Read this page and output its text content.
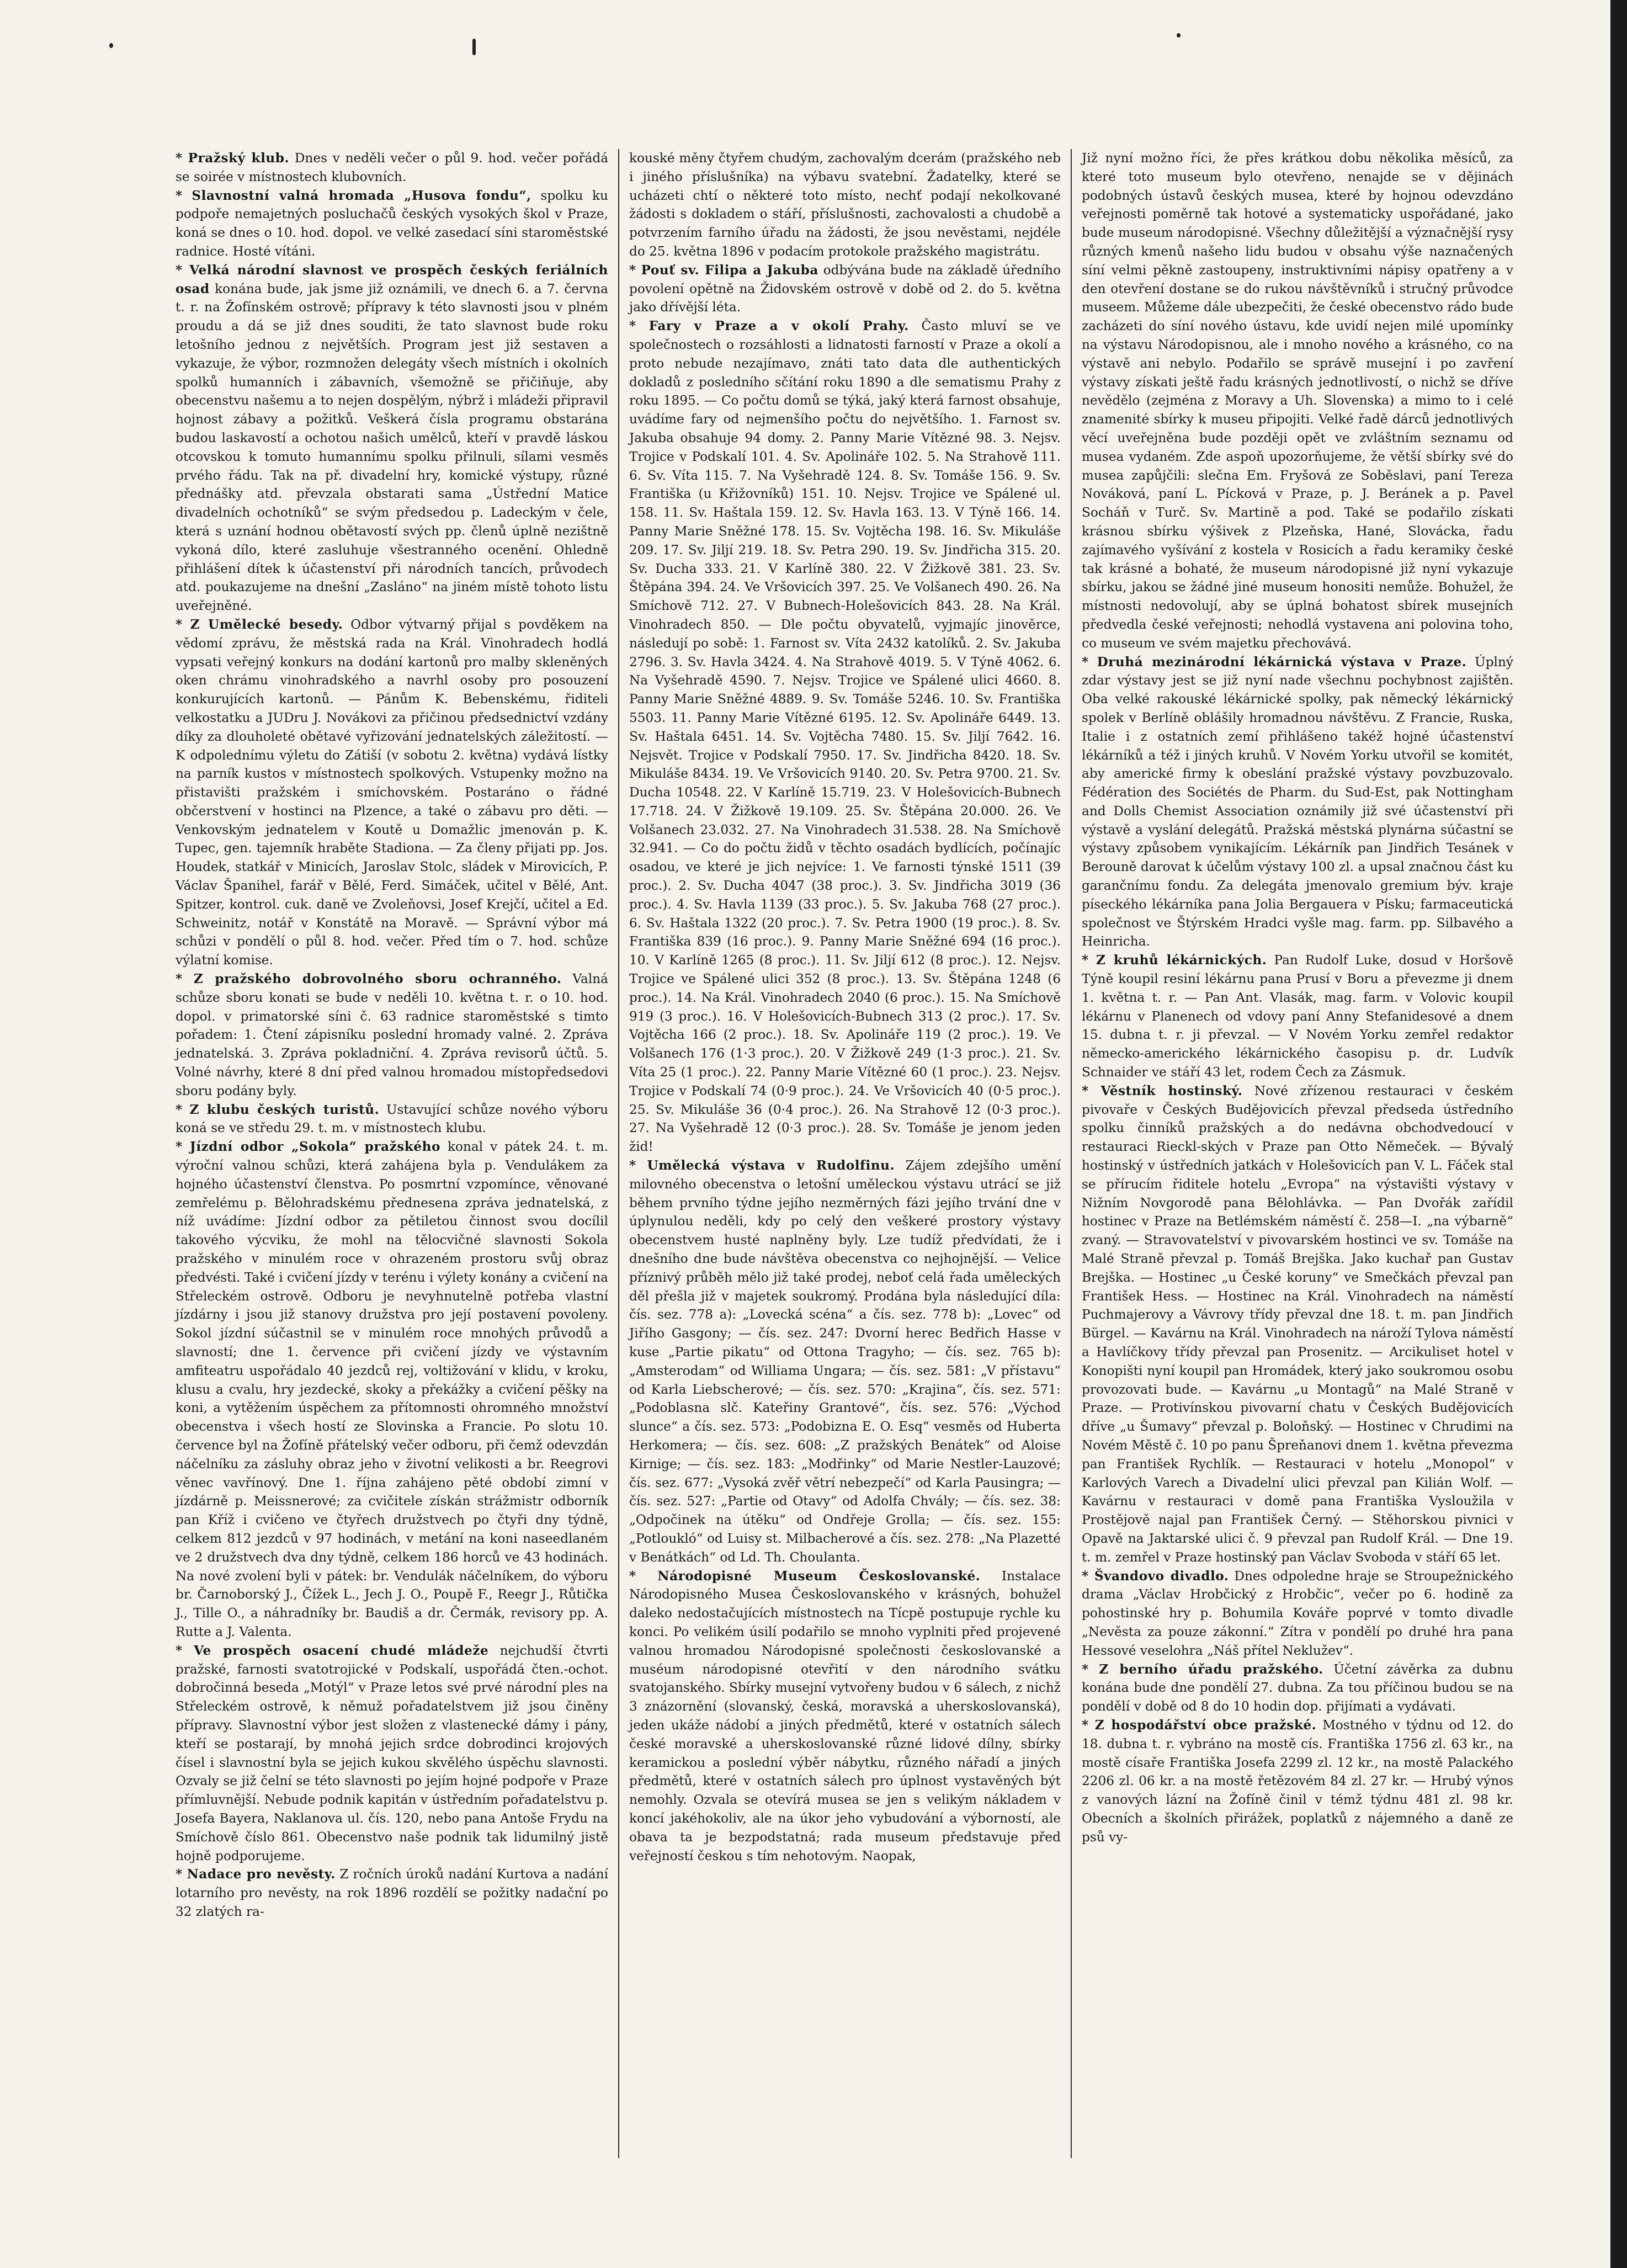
* Pražský klub. Dnes v neděli večer o půl 9. hod. večer pořádá se soirée v místnostech klubovních.

* Slavnostní valná hromada „Husova fondu“, spolku ku podpoře nemajetných posluchačů českých vysokých škol v Praze, koná se dnes o 10. hod. dopol. ve velké zasedací síni staroměstské radnice. Hosté vítáni.

* Velká národní slavnost ve prospěch českých feriálních osad konána bude, jak jsme již oznámili, ve dnech 6. a 7. června t. r. na Žofínském ostrově; přípravy k této slavnosti jsou v plném proudu a dá se již dnes souditi, že tato slavnost bude roku letošního jednou z největších. Program jest již sestaven a vykazuje, že výbor, rozmnožen delegáty všech místních i okolních spolků humanních i zábavních, všemožně se přičiňuje, aby obecenstvu našemu a to nejen dospělým, nýbrž i mládeži připravil hojnost zábavy a požitků. Veškerá čísla programu obstarána budou laskavostí a ochotou našich umělců, kteří v pravdě láskou otcovskou k tomuto humannímu spolku přilnuli, sílami vesměs prvého řádu. Tak na př. divadelní hry, komické výstupy, různé přednášky atd. převzala obstarati sama „Ústřední Matice divadelních ochotníků“ se svým předsedou p. Ladeckým v čele, která s uznání hodnou obětavostí svých pp. členů úplně nezištně vykoná dílo, které zasluhuje všestranného ocenění. Ohledně přihlášení dítek k účastenství při národních tancích, průvodech atd. poukazujeme na dnešní „Zasláno“ na jiném místě tohoto listu uveřejněné.

* Z Umělecké besedy. Odbor výtvarný přijal s povděkem na vědomí zprávu, že městská rada na Král. Vinohradech hodlá vypsati veřejný konkurs na dodání kartonů pro malby skleněných oken chrámu vinohradského a navrhl osoby pro posouzení konkurujících kartonů. — Pánům K. Bebenskému, řiditeli velkostatku a JUDru J. Novákovi za přičinou předsednictví vzdány díky za dlouholeté obětavé vyřizování jednatelských záležitostí. — K odpolednímu výletu do Zátiší (v sobotu 2. května) vydává lístky na parník kustos v místnostech spolkových. Vstupenky možno na přistavišti pražském i smíchovském. Postaráno o řádné občerstvení v hostinci na Plzence, a také o zábavu pro děti. — Venkovským jednatelem v Koutě u Domažlic jmenován p. K. Tupec, gen. tajemník hraběte Stadiona. — Za členy přijati pp. Jos. Houdek, statkář v Minicích, Jaroslav Stolc, sládek v Mirovicích, P. Václav Španihel, farář v Bělé, Ferd. Simáček, učitel v Bělé, Ant. Spitzer, kontrol. cuk. daně ve Zvoleňovsi, Josef Krejčí, učitel a Ed. Schweinitz, notář v Konstátě na Moravě. — Správní výbor má schůzi v pondělí o půl 8. hod. večer. Před tím o 7. hod. schůze výlatní komise.

* Z pražského dobrovolného sboru ochranného. Valná schůze sboru konati se bude v neděli 10. května t. r. o 10. hod. dopol. v primatorské síni č. 63 radnice staroměstské s timto pořadem: 1. Čtení zápisníku poslední hromady valné. 2. Zpráva jednatelská. 3. Zpráva pokladniční. 4. Zpráva revisorů účtů. 5. Volné návrhy, které 8 dní před valnou hromadou místopředsedovi sboru podány byly.

* Z klubu českých turistů. Ustavující schůze nového výboru koná se ve středu 29. t. m. v místnostech klubu.

* Jízdní odbor „Sokola“ pražského konal v pátek 24. t. m. výroční valnou schůzi, která zahájena byla p. Vendulákem za hojného účastenství členstva. Po posmrtní vzpomínce, věnované zemřelému p. Bělohradskému přednesena zpráva jednatelská, z níž uvádíme: Jízdní odbor za pětiletou činnost svou docílil takového výcviku, že mohl na tělocvičné slavnosti Sokola pražského v minulém roce v ohrazeném prostoru svůj obraz předvésti. Také i cvičení jízdy v terénu i výlety konány a cvičení na Střeleckém ostrově. Odboru je nevyhnutelně potřeba vlastní jízdárny i jsou již stanovy družstva pro její postavení povoleny. Sokol jízdní súčastnil se v minulém roce mnohých průvodů a slavností; dne 1. července při cvičení jízdy ve výstavním amfiteatru uspořádalo 40 jezdců rej, voltižování v klidu, v kroku, klusu a cvalu, hry jezdecké, skoky a překážky a cvičení pěšky na koni, a vytěžením úspěchem za přítomnosti ohromného množství obecenstva i všech hostí ze Slovinska a Francie. Po slotu 10. července byl na Žofíně přátelský večer odboru, při čemž odevzdán náčelníku za zásluhy obraz jeho v životní velikosti a br. Reegrovi věnec vavřínový. Dne 1. října zahájeno pěté období zimní v jízdárně p. Meissnerové; za cvičitele získán strážmistr odborník pan Kříž i cvičeno ve čtyřech družstvech po čtyři dny týdně, celkem 812 jezdců v 97 hodinách, v metání na koni naseedlaném ve 2 družstvech dva dny týdně, celkem 186 horců ve 43 hodinách. Na nové zvolení byli v pátek: br. Vendulák náčelníkem, do výboru br. Čarnoborský J., Čížek L., Jech J. O., Poupě F., Reegr J., Růtička J., Tille O., a náhradníky br. Baudiš a dr. Čermák, revisory pp. A. Rutte a J. Valenta.

* Ve prospěch osacení chudé mládeže nejchudší čtvrti pražské, farnosti svatotrojické v Podskalí, uspořádá čten.-ochot. dobročinná beseda „Motýl“ v Praze letos své prvé národní ples na Střeleckém ostrově, k němuž pořadatelstvem již jsou činěny přípravy. Slavnostní výbor jest složen z vlastenecké dámy i pány, kteří se postarají, by mnohá jejich srdce dobrodinci krojových čísel i slavnostní byla se jejich kukou skvělého úspěchu slavnosti. Ozvaly se již čelní se této slavnosti po jejím hojné podpoře v Praze přímluvnější. Nebude podnik kapitán v ústředním pořadatelstvu p. Josefa Bayera, Naklanova ul. čís. 120, nebo pana Antoše Frydu na Smíchově číslo 861. Obecenstvo naše podnik tak lidumilný jistě hojně podporujeme.

* Nadace pro nevěsty. Z ročních úroků nadání Kurtova a nadání lotarního pro nevěsty, na rok 1896 rozdělí se požitky nadační po 32 zlatých ra-

kouské měny čtyřem chudým, zachovalým dcerám (pražského neb i jiného příslušníka) na výbavu svatební. Žadatelky, které se ucházeti chtí o některé toto místo, nechť podají nekolkované žádosti s dokladem o stáří, příslušnosti, zachovalosti a chudobě a potvrzením farního úřadu na žádosti, že jsou nevěstami, nejdéle do 25. května 1896 v podacím protokole pražského magistrátu.

* Pouť sv. Filipa a Jakuba odbývána bude na základě úředního povolení opětně na Židovském ostrově v době od 2. do 5. května jako dřívější léta.

* Fary v Praze a v okolí Prahy. Často mluví se ve společnostech o rozsáhlosti a lidnatosti farností v Praze a okolí a proto nebude nezajímavo, znáti tato data dle authentických dokladů z posledního sčítání roku 1890 a dle sematismu Prahy z roku 1895. — Co počtu domů se týká, jaký která farnost obsahuje, uvádíme fary od nejmenšího počtu do největšího. 1. Farnost sv. Jakuba obsahuje 94 domy. 2. Panny Marie Vítězné 98. 3. Nejsv. Trojice v Podskalí 101. 4. Sv. Apolináře 102. 5. Na Strahově 111. 6. Sv. Víta 115. 7. Na Vyšehradě 124. 8. Sv. Tomáše 156. 9. Sv. Františka (u Křižovníků) 151. 10. Nejsv. Trojice ve Spálené ul. 158. 11. Sv. Haštala 159. 12. Sv. Havla 163. 13. V Týně 166. 14. Panny Marie Sněžné 178. 15. Sv. Vojtěcha 198. 16. Sv. Mikuláše 209. 17. Sv. Jiljí 219. 18. Sv. Petra 290. 19. Sv. Jindřicha 315. 20. Sv. Ducha 333. 21. V Karlíně 380. 22. V Žižkově 381. 23. Sv. Štěpána 394. 24. Ve Vršovicích 397. 25. Ve Volšanech 490. 26. Na Smíchově 712. 27. V Bubnech-Holešovicích 843. 28. Na Král. Vinohradech 850. — Dle počtu obyvatelů, vyjmajíc jinověrce, následují po sobě: 1. Farnost sv. Víta 2432 katolíků. 2. Sv. Jakuba 2796. 3. Sv. Havla 3424. 4. Na Strahově 4019. 5. V Týně 4062. 6. Na Vyšehradě 4590. 7. Nejsv. Trojice ve Spálené ulici 4660. 8. Panny Marie Sněžné 4889. 9. Sv. Tomáše 5246. 10. Sv. Františka 5503. 11. Panny Marie Vítězné 6195. 12. Sv. Apolináře 6449. 13. Sv. Haštala 6451. 14. Sv. Vojtěcha 7480. 15. Sv. Jiljí 7642. 16. Nejsvět. Trojice v Podskalí 7950. 17. Sv. Jindřicha 8420. 18. Sv. Mikuláše 8434. 19. Ve Vršovicích 9140. 20. Sv. Petra 9700. 21. Sv. Ducha 10548. 22. V Karlíně 15.719. 23. V Holešovicích-Bubnech 17.718. 24. V Žižkově 19.109. 25. Sv. Štěpána 20.000. 26. Ve Volšanech 23.032. 27. Na Vinohradech 31.538. 28. Na Smíchově 32.941. — Co do počtu židů v těchto osadách bydlících, počínajíc osadou, ve které je jich nejvíce: 1. Ve farnosti týnské 1511 (39 proc.). 2. Sv. Ducha 4047 (38 proc.). 3. Sv. Jindřicha 3019 (36 proc.). 4. Sv. Havla 1139 (33 proc.). 5. Sv. Jakuba 768 (27 proc.). 6. Sv. Haštala 1322 (20 proc.). 7. Sv. Petra 1900 (19 proc.). 8. Sv. Františka 839 (16 proc.). 9. Panny Marie Sněžné 694 (16 proc.). 10. V Karlíně 1265 (8 proc.). 11. Sv. Jiljí 612 (8 proc.). 12. Nejsv. Trojice ve Spálené ulici 352 (8 proc.). 13. Sv. Štěpána 1248 (6 proc.). 14. Na Král. Vinohradech 2040 (6 proc.). 15. Na Smíchově 919 (3 proc.). 16. V Holešovicích-Bubnech 313 (2 proc.). 17. Sv. Vojtěcha 166 (2 proc.). 18. Sv. Apolináře 119 (2 proc.). 19. Ve Volšanech 176 (1·3 proc.). 20. V Žižkově 249 (1·3 proc.). 21. Sv. Víta 25 (1 proc.). 22. Panny Marie Vítězné 60 (1 proc.). 23. Nejsv. Trojice v Podskalí 74 (0·9 proc.). 24. Ve Vršovicích 40 (0·5 proc.). 25. Sv. Mikuláše 36 (0·4 proc.). 26. Na Strahově 12 (0·3 proc.). 27. Na Vyšehradě 12 (0·3 proc.). 28. Sv. Tomáše je jenom jeden žid!

* Umělecká výstava v Rudolfinu. Zájem zdejšího umění milovného obecenstva o letošní uměleckou výstavu utrácí se již během prvního týdne jejího nezměrných fázi jejího trvání dne v úplynulou neděli, kdy po celý den veškeré prostory výstavy obecenstvem husté naplněny byly. Lze tudíž předvídati, že i dnešního dne bude návštěva obecenstva co nejhojnější. — Velice příznivý průběh mělo již také prodej, neboť celá řada uměleckých děl přešla již v majetek soukromý. Prodána byla následující díla: čís. sez. 778 a): „Lovecká scéna“ a čís. sez. 778 b): „Lovec“ od Jiřího Gasgony; — čís. sez. 247: Dvorní herec Bedřich Hasse v kuse „Partie pikatu“ od Ottona Tragyho; — čís. sez. 765 b): „Amsterodam“ od Williama Ungara; — čís. sez. 581: „V přístavu“ od Karla Liebscherové; — čís. sez. 570: „Krajina“, čís. sez. 571: „Podoblasna slč. Kateřiny Grantové“, čís. sez. 576: „Východ slunce“ a čís. sez. 573: „Podobizna E. O. Esq“ vesměs od Huberta Herkomera; — čís. sez. 608: „Z pražských Benátek“ od Aloise Kirnige; — čís. sez. 183: „Modřinky“ od Marie Nestler-Lauzové; čís. sez. 677: „Vysoká zvěř větrí nebezpečí“ od Karla Pausingra; — čís. sez. 527: „Partie od Otavy“ od Adolfa Chvály; — čís. sez. 38: „Odpočinek na útěku“ od Ondřeje Grolla; — čís. sez. 155: „Potloukló“ od Luisy st. Milbacherové a čís. sez. 278: „Na Plazetté v Benátkách“ od Ld. Th. Choulanta.

* Národopisné Museum Českoslovanské. Instalace Národopisného Musea Českoslovanského v krásných, bohužel daleko nedostačujících místnostech na Tícpě postupuje rychle ku konci. Po velikém úsilí podařilo se mnoho vyplniti před projevené valnou hromadou Národopisné společnosti českoslovanské a muséum národopisné otevřití v den národního svátku svatojanského. Sbírky musejní vytvořeny budou v 6 sálech, z nichž 3 znázornění (slovanský, česká, moravská a uherskoslovanská), jeden ukáže nádobí a jiných předmětů, které v ostatních sálech české moravské a uherskoslovanské různé lidové dílny, sbírky keramickou a poslední výběr nábytku, různého nářadí a jiných předmětů, které v ostatních sálech pro úplnost vystavěných být nemohly. Ozvala se otevírá musea se jen s velikým nákladem v koncí jakéhokoliv, ale na úkor jeho vybudování a výborností, ale obava ta je bezpodstatná; rada museum představuje před veřejností českou s tím nehotovým. Naopak,

Již nyní možno říci, že přes krátkou dobu několika měsíců, za které toto museum bylo otevřeno, nenajde se v dějinách podobných ústavů českých musea, které by hojnou odevzdáno veřejnosti poměrně tak hotové a systematicky uspořádané, jako bude museum národopisné. Všechny důležitější a význačnější rysy různých kmenů našeho lidu budou v obsahu výše naznačených síní velmi pěkně zastoupeny, instruktivními nápisy opatřeny a v den otevření dostane se do rukou návštěvníků i stručný průvodce museem. Můžeme dále ubezpečiti, že české obecenstvo rádo bude zacházeti do síní nového ústavu, kde uvidí nejen milé upomínky na výstavu Národopisnou, ale i mnoho nového a krásného, co na výstavě ani nebylo. Podařilo se správě musejní i po zavření výstavy získati ještě řadu krásných jednotlivostí, o nichž se dříve nevědělo (zejména z Moravy a Uh. Slovenska) a mimo to i celé znamenité sbírky k museu připojiti. Velké řadě dárců jednotlivých věcí uveřejněna bude později opět ve zvláštním seznamu od musea vydaném. Zde aspoň upozorňujeme, že větší sbírky své do musea zapůjčili: slečna Em. Fryšová ze Soběslavi, paní Tereza Nováková, paní L. Pícková v Praze, p. J. Beránek a p. Pavel Socháň v Turč. Sv. Martině a pod. Také se podařilo získati krásnou sbírku výšivek z Plzeňska, Hané, Slovácka, řadu zajímavého vyšívání z kostela v Rosicích a řadu keramiky české tak krásné a bohaté, že museum národopisné již nyní vykazuje sbírku, jakou se žádné jiné museum honositi nemůže. Bohužel, že místnosti nedovolují, aby se úplná bohatost sbírek musejních předvedla české veřejnosti; nehodlá vystavena ani polovina toho, co museum ve svém majetku přechovává.

* Druhá mezinárodní lékárnická výstava v Praze. Úplný zdar výstavy jest se již nyní nade všechnu pochybnost zajištěn. Oba velké rakouské lékárnické spolky, pak německý lékárnický spolek v Berlíně oblášily hromadnou návštěvu. Z Francie, Ruska, Italie i z ostatních zemí přihlášeno takéž hojné účastenství lékárníků a též i jiných kruhů. V Novém Yorku utvořil se komitét, aby americké firmy k obeslání pražské výstavy povzbuzovalo. Fédération des Sociétés de Pharm. du Sud-Est, pak Nottingham and Dolls Chemist Association oznámily již své účastenství při výstavě a vyslání delegátů. Pražská městská plynárna súčastní se výstavy způsobem vynikajícím. Lékárník pan Jindřich Tesánek v Berouně darovat k účelům výstavy 100 zl. a upsal značnou část ku garančnímu fondu. Za delegáta jmenovalo gremium býv. kraje píseckého lékárníka pana Jolia Bergauera v Písku; farmaceutická společnost ve Štýrském Hradci vyšle mag. farm. pp. Silbavého a Heinricha.

* Z kruhů lékárnických. Pan Rudolf Luke, dosud v Horšově Týně koupil resiní lékárnu pana Prusí v Boru a převezme ji dnem 1. května t. r. — Pan Ant. Vlasák, mag. farm. v Volovic koupil lékárnu v Planenech od vdovy paní Anny Stefanidesové a dnem 15. dubna t. r. ji převzal. — V Novém Yorku zemřel redaktor německo-amerického lékárnického časopisu p. dr. Ludvík Schnaider ve stáří 43 let, rodem Čech za Zásmuk.

* Věstník hostinský. Nové zřízenou restauraci v českém pivovaře v Českých Budějovicích převzal předseda ústředního spolku činníků pražských a do nedávna obchodvedoucí v restauraci Rieckl-ských v Praze pan Otto Němeček. — Bývalý hostinský v ústředních jatkách v Holešovicích pan V. L. Fáček stal se přírucím řiditele hotelu „Evropa“ na výstavišti výstavy v Nižním Novgorodě pana Bělohlávka. — Pan Dvořák zařídil hostinec v Praze na Betlémském náměstí č. 258—I. „na výbarně“ zvaný. — Stravovatelství v pivovarském hostinci ve sv. Tomáše na Malé Straně převzal p. Tomáš Brejška. Jako kuchař pan Gustav Brejška. — Hostinec „u České koruny“ ve Smečkách převzal pan František Hess. — Hostinec na Král. Vinohradech na náměstí Puchmajerovy a Vávrovy třídy převzal dne 18. t. m. pan Jindřich Bürgel. — Kavárnu na Král. Vinohradech na nároží Tylova náměstí a Havlíčkovy třídy převzal pan Prosenitz. — Arcikuliset hotel v Konopišti nyní koupil pan Hromádek, který jako soukromou osobu provozovati bude. — Kavárnu „u Montagů“ na Malé Straně v Praze. — Protivínskou pivovarní chatu v Českých Budějovicích dříve „u Šumavy“ převzal p. Boloňský. — Hostinec v Chrudimi na Novém Městě č. 10 po panu Špreňanovi dnem 1. května převezma pan František Rychlík. — Restauraci v hotelu „Monopol“ v Karlových Varech a Divadelní ulici převzal pan Kilián Wolf. — Kavárnu v restauraci v domě pana Františka Vysloužila v Prostějově najal pan František Černý. — Stěhorskou pivnici v Opavě na Jaktarské ulici č. 9 převzal pan Rudolf Král. — Dne 19. t. m. zemřel v Praze hostinský pan Václav Svoboda v stáří 65 let.

* Švandovo divadlo. Dnes odpoledne hraje se Stroupežnického drama „Václav Hrobčický z Hrobčic“, večer po 6. hodině za pohostinské hry p. Bohumila Kováře poprvé v tomto divadle „Nevěsta za pouze zákonní.“ Zítra v pondělí po druhé hra pana Hessové veselohra „Náš přítel Neklužev“.

* Z berního úřadu pražského. Účetní závěrka za dubnu konána bude dne pondělí 27. dubna. Za tou příčinou budou se na pondělí v době od 8 do 10 hodin dop. přijímati a vydávati.

* Z hospodářství obce pražské. Mostného v týdnu od 12. do 18. dubna t. r. vybráno na mostě cís. Františka 1756 zl. 63 kr., na mostě císaře Františka Josefa 2299 zl. 12 kr., na mostě Palackého 2206 zl. 06 kr. a na mostě řetězovém 84 zl. 27 kr. — Hrubý výnos z vanových lázní na Žofíně činil v témž týdnu 481 zl. 98 kr. Obecních a školních přirážek, poplatků z nájemného a daně ze psů vy-
